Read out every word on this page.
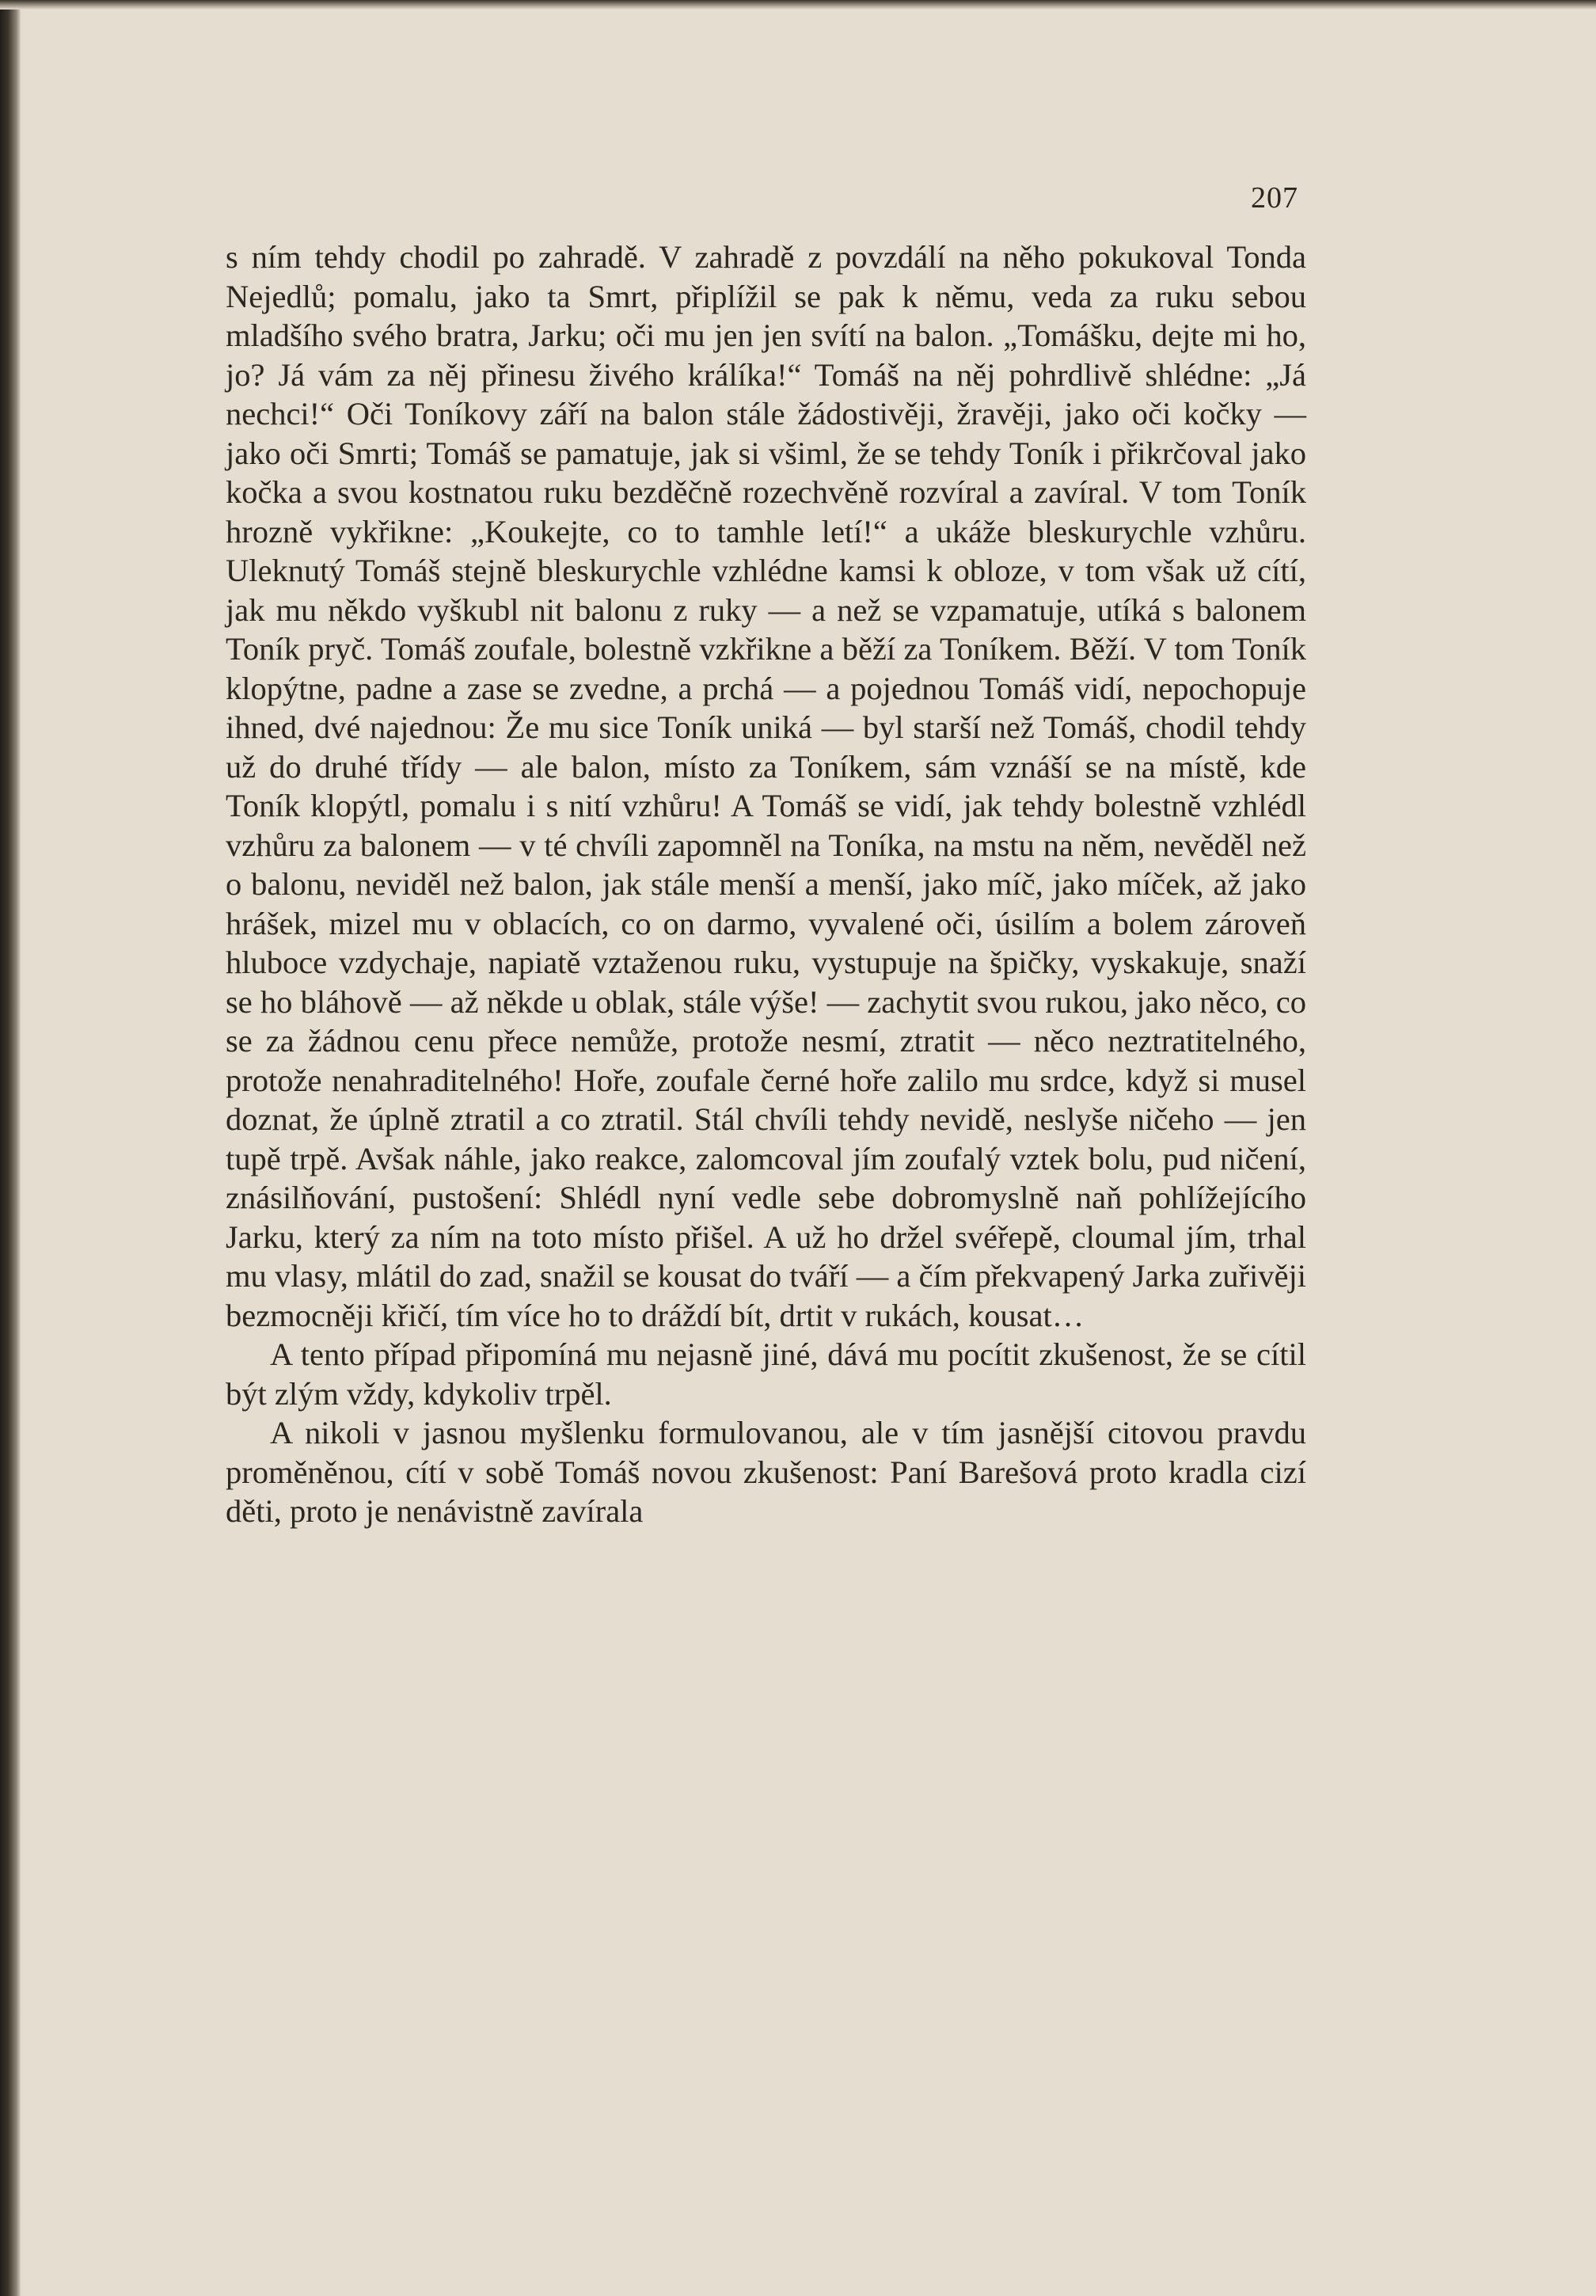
207

s ním tehdy chodil po zahradě. V zahradě z povzdálí na něho pokukoval Tonda Nejedlů; pomalu, jako ta Smrt, připlížil se pak k němu, veda za ruku sebou mladšího svého bratra, Jarku; oči mu jen jen svítí na balon. „Tomášku, dejte mi ho, jo? Já vám za něj přinesu živého králíka!“ Tomáš na něj pohrdlivě shlédne: „Já nechci!“ Oči Toníkovy září na balon stále žádostivěji, žravěji, jako oči kočky — jako oči Smrti; Tomáš se pamatuje, jak si všiml, že se tehdy Toník i přikrčoval jako kočka a svou kostnatou ruku bezděčně rozechvěně rozvíral a zavíral. V tom Toník hrozně vykřikne: „Koukejte, co to tamhle letí!“ a ukáže bleskurychle vzhůru. Uleknutý Tomáš stejně bleskurychle vzhlédne kamsi k obloze, v tom však už cítí, jak mu někdo vyškubl nit balonu z ruky — a než se vzpamatuje, utíká s balonem Toník pryč. Tomáš zoufale, bolestně vzkřikne a běží za Toníkem. Běží. V tom Toník klopýtne, padne a zase se zvedne, a prchá — a pojednou Tomáš vidí, nepochopuje ihned, dvé najednou: Že mu sice Toník uniká — byl starší než Tomáš, chodil tehdy už do druhé třídy — ale balon, místo za Toníkem, sám vznáší se na místě, kde Toník klopýtl, pomalu i s nití vzhůru! A Tomáš se vidí, jak tehdy bolestně vzhlédl vzhůru za balonem — v té chvíli zapomněl na Toníka, na mstu na něm, nevěděl než o balonu, neviděl než balon, jak stále menší a menší, jako míč, jako míček, až jako hrášek, mizel mu v oblacích, co on darmo, vyvalené oči, úsilím a bolem zároveň hluboce vzdychaje, napiatě vztaženou ruku, vystupuje na špičky, vyskakuje, snaží se ho bláhově — až někde u oblak, stále výše! — zachytit svou rukou, jako něco, co se za žádnou cenu přece nemůže, protože nesmí, ztratit — něco neztratitelného, protože nenahraditelného! Hoře, zoufale černé hoře zalilo mu srdce, když si musel doznat, že úplně ztratil a co ztratil. Stál chvíli tehdy nevidě, neslyše ničeho — jen tupě trpě. Avšak náhle, jako reakce, zalomcoval jím zoufalý vztek bolu, pud ničení, znásilňování, pustošení: Shlédl nyní vedle sebe dobromyslně naň pohlížejícího Jarku, který za ním na toto místo přišel. A už ho držel svéřepě, cloumal jím, trhal mu vlasy, mlátil do zad, snažil se kousat do tváří — a čím překvapený Jarka zuřivěji bezmocněji křičí, tím více ho to dráždí bít, drtit v rukách, kousat…

A tento případ připomíná mu nejasně jiné, dává mu pocítit zkušenost, že se cítil být zlým vždy, kdykoliv trpěl.

A nikoli v jasnou myšlenku formulovanou, ale v tím jasnější citovou pravdu proměněnou, cítí v sobě Tomáš novou zkušenost: Paní Barešová proto kradla cizí děti, proto je nenávistně zavírala
